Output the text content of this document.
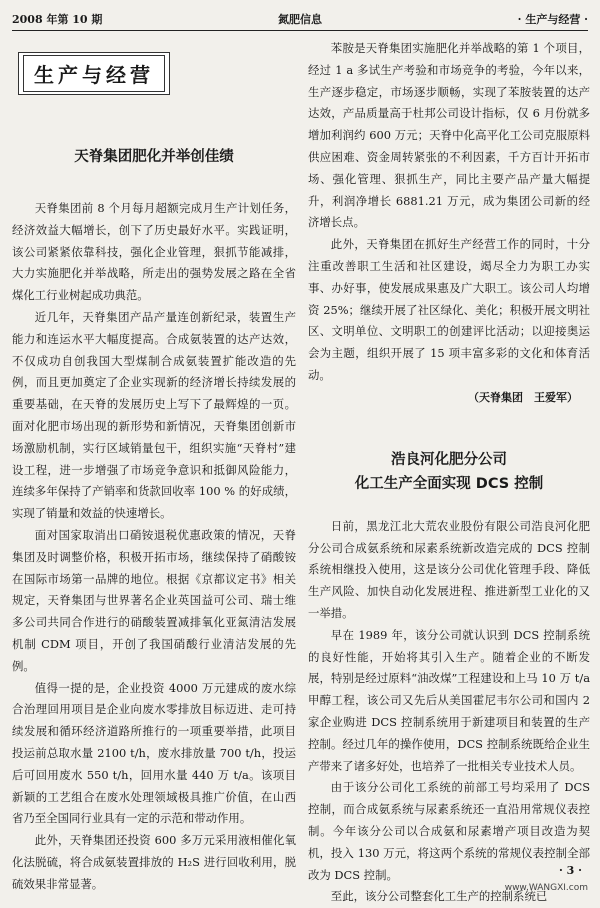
2008 年第 10 期	氮肥信息	· 生产与经营 ·
生产与经营
天脊集团肥化并举创佳绩

天脊集团前 8 个月每月超额完成月生产计划任务，经济效益大幅增长，创下了历史最好水平。实践证明，该公司紧紧依靠科技，强化企业管理，狠抓节能减排，大力实施肥化并举战略，所走出的强势发展之路在全省煤化工行业树起成功典范。

近几年，天脊集团产品产量连创新纪录，装置生产能力和连运水平大幅度提高。合成氨装置的达产达效，不仅成功自创我国大型煤制合成氨装置扩能改造的先例，而且更加奠定了企业实现新的经济增长持续发展的重要基础，在天脊的发展历史上写下了最辉煌的一页。面对化肥市场出现的新形势和新情况，天脊集团创新市场激励机制，实行区域销量包干，组织实施“天脊村”建设工程，进一步增强了市场竞争意识和抵御风险能力，连续多年保持了产销率和货款回收率 100 % 的好成绩，实现了销量和效益的快速增长。

面对国家取消出口硝铵退税优惠政策的情况，天脊集团及时调整价格，积极开拓市场，继续保持了硝酸铵在国际市场第一品牌的地位。根据《京都议定书》相关规定，天脊集团与世界著名企业英国益可公司、瑞士维多公司共同合作进行的硝酸装置减排氧化亚氮清洁发展机制 CDM 项目，开创了我国硝酸行业清洁发展的先例。

值得一提的是，企业投资 4000 万元建成的废水综合治理回用项目是企业向废水零排放目标迈进、走可持续发展和循环经济道路所推行的一项重要举措，此项目投运前总取水量 2100 t/h，废水排放量 700 t/h，投运后可回用废水 550 t/h，回用水量 440 万 t/a。该项目新颖的工艺组合在废水处理领域极具推广价值，在山西省乃至全国同行业具有一定的示范和带动作用。

此外，天脊集团还投资 600 多万元采用液相催化氧化法脱硫，将合成氨装置排放的 H₂S 进行回收利用，脱硫效果非常显著。

苯胺是天脊集团实施肥化并举战略的第 1 个项目，经过 1 a 多试生产考验和市场竞争的考验，今年以来，生产逐步稳定，市场逐步顺畅，实现了苯胺装置的达产达效，产品质量高于杜邦公司设计指标，仅 6 月份就多增加利润约 600 万元；天脊中化高平化工公司克服原料供应困难、资金周转紧张的不利因素，千方百计开拓市场、强化管理、狠抓生产，同比主要产品产量大幅提升，利润净增长 6881.21 万元，成为集团公司新的经济增长点。

此外，天脊集团在抓好生产经营工作的同时，十分注重改善职工生活和社区建设，竭尽全力为职工办实事、办好事，使发展成果惠及广大职工。该公司人均增资 25%；继续开展了社区绿化、美化；积极开展文明社区、文明单位、文明职工的创建评比活动；以迎接奥运会为主题，组织开展了 15 项丰富多彩的文化和体育活动。

（天脊集团　王爱军）

浩良河化肥分公司
化工生产全面实现 DCS 控制

日前，黑龙江北大荒农业股份有限公司浩良河化肥分公司合成氨系统和尿素系统新改造完成的 DCS 控制系统相继投入使用，这是该分公司优化管理手段、降低生产风险、加快自动化发展进程、推进新型工业化的又一举措。

早在 1989 年，该分公司就认识到 DCS 控制系统的良好性能，开始将其引入生产。随着企业的不断发展，特别是经过原料“油改煤”工程建设和上马 10 万 t/a 甲醇工程，该公司又先后从美国霍尼韦尔公司和国内 2 家企业购进 DCS 控制系统用于新建项目和装置的生产控制。经过几年的操作使用，DCS 控制系统既给企业生产带来了诸多好处，也培养了一批相关专业技术人员。

由于该分公司化工系统的前部工号均采用了 DCS 控制，而合成氨系统与尿素系统还一直沿用常规仪表控制。今年该分公司以合成氨和尿素增产项目改造为契机，投入 130 万元，将这两个系统的常规仪表控制全部改为 DCS 控制。

至此，该分公司整套化工生产的控制系统已

· 3 ·
www.WANGXI.com
